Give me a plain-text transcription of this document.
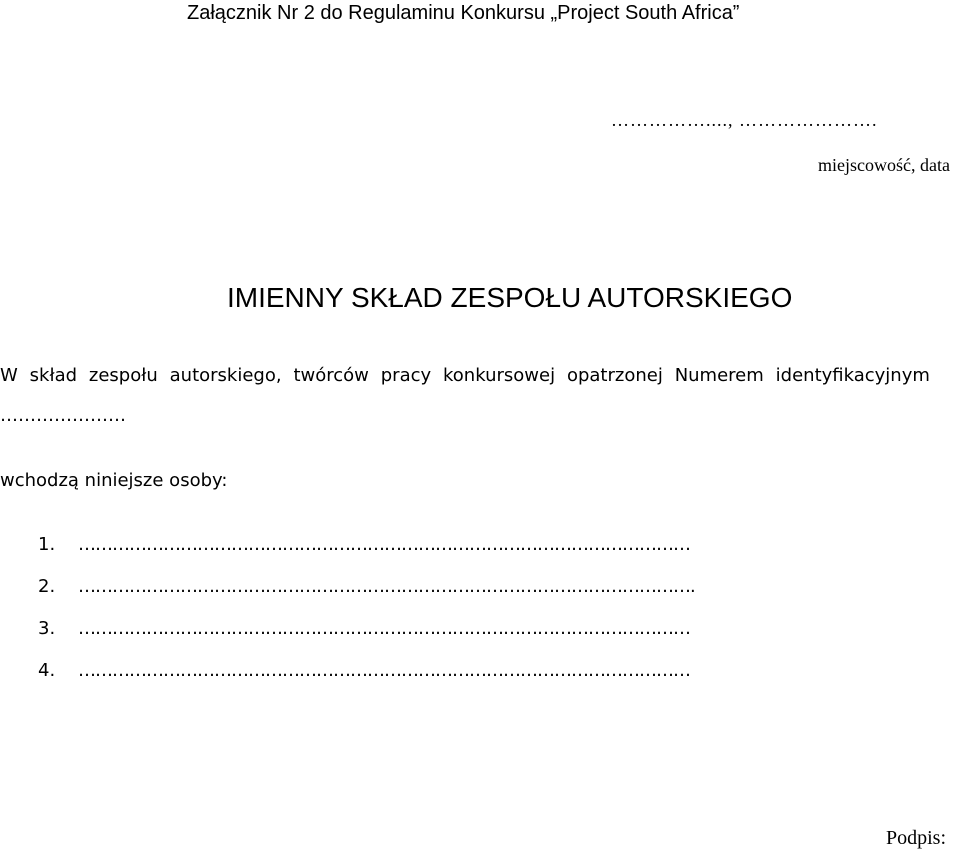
Załącznik Nr 2 do Regulaminu Konkursu „Project South Africa”
……………...., ………………….
miejscowość, data
IMIENNY SKŁAD ZESPOŁU AUTORSKIEGO
W skład zespołu autorskiego, twórców pracy konkursowej opatrzonej Numerem identyfikacyjnym
…………………
wchodzą niniejsze osoby:
1.	………………………………………………………………………………………………
2.	……………………………………………………………………………………………….
3.	………………………………………………………………………………………………
4.	………………………………………………………………………………………………
Podpis:
